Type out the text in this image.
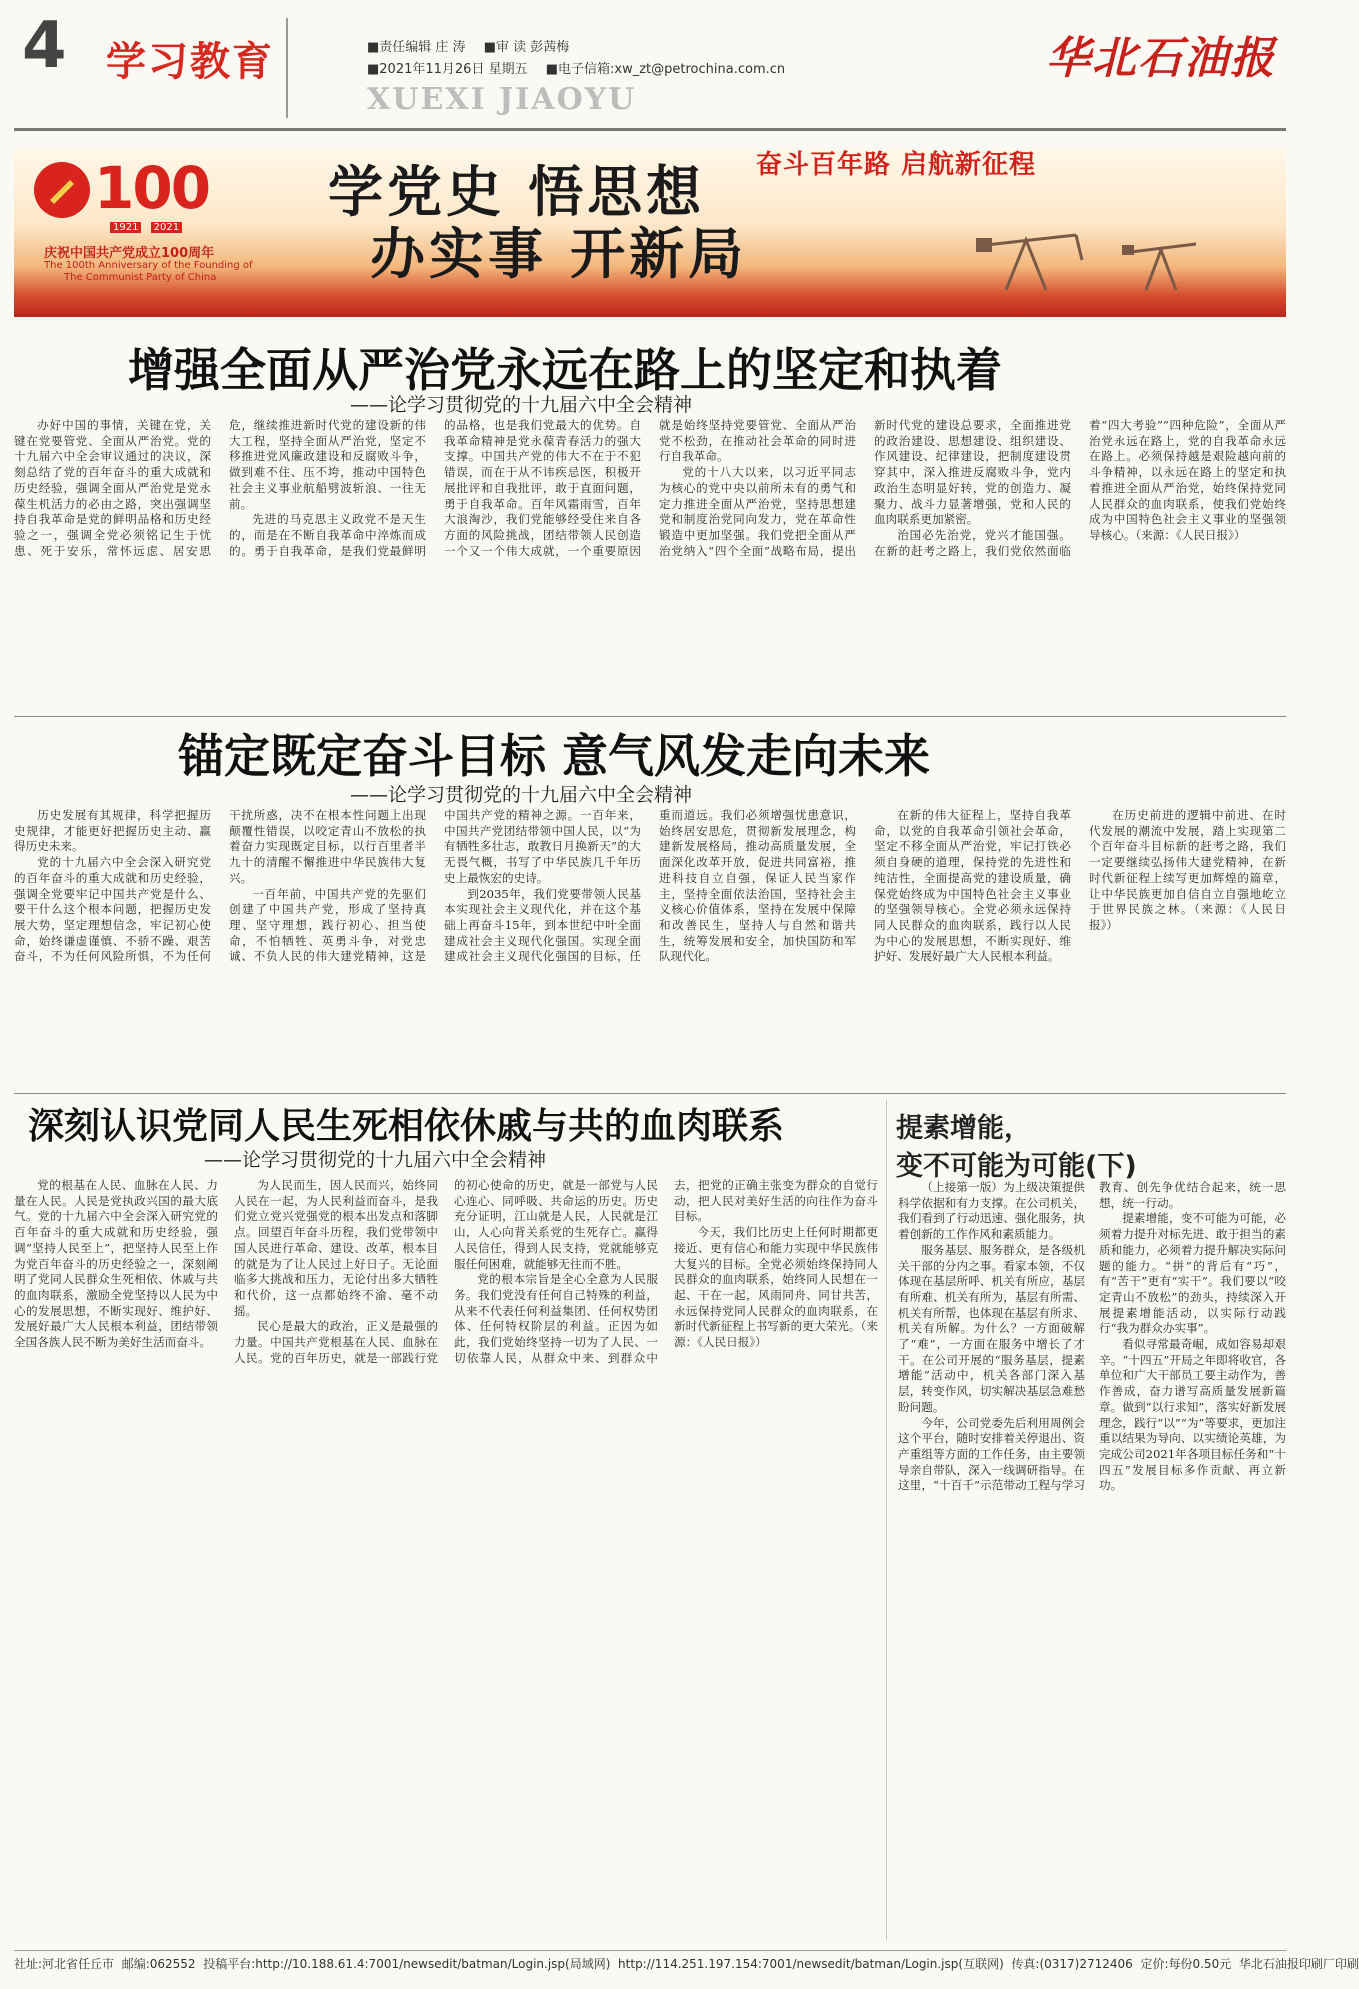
4 学习教育	■责任编辑 庄 涛 ■审 读 彭茜梅
■2021年11月26日 星期五 ■电子信箱:xw_zt@petrochina.com.cn
XUEXI JIAOYU
华北石油报
100
1921 2021
庆祝中国共产党成立100周年
The 100th Anniversary of the Founding of
The Communist Party of China
学党史 悟思想
办实事 开新局
奋斗百年路 启航新征程
增强全面从严治党永远在路上的坚定和执着
——论学习贯彻党的十九届六中全会精神

办好中国的事情，关键在党，关键在党要管党、全面从严治党。党的十九届六中全会审议通过的决议，深刻总结了党的百年奋斗的重大成就和历史经验，强调全面从严治党是党永葆生机活力的必由之路，突出强调坚持自我革命是党的鲜明品格和历史经验之一，强调全党必须铭记生于忧患、死于安乐，常怀远虑、居安思危，继续推进新时代党的建设新的伟大工程，坚持全面从严治党，坚定不移推进党风廉政建设和反腐败斗争，做到难不住、压不垮，推动中国特色社会主义事业航船劈波斩浪、一往无前。

先进的马克思主义政党不是天生的，而是在不断自我革命中淬炼而成的。勇于自我革命，是我们党最鲜明的品格，也是我们党最大的优势。自我革命精神是党永葆青春活力的强大支撑。中国共产党的伟大不在于不犯错误，而在于从不讳疾忌医，积极开展批评和自我批评，敢于直面问题，勇于自我革命。百年风霜雨雪，百年大浪淘沙，我们党能够经受住来自各方面的风险挑战，团结带领人民创造一个又一个伟大成就，一个重要原因就是始终坚持党要管党、全面从严治党不松劲，在推动社会革命的同时进行自我革命。

党的十八大以来，以习近平同志为核心的党中央以前所未有的勇气和定力推进全面从严治党，坚持思想建党和制度治党同向发力，党在革命性锻造中更加坚强。我们党把全面从严治党纳入“四个全面”战略布局，提出新时代党的建设总要求，全面推进党的政治建设、思想建设、组织建设、作风建设、纪律建设，把制度建设贯穿其中，深入推进反腐败斗争，党内政治生态明显好转，党的创造力、凝聚力、战斗力显著增强，党和人民的血肉联系更加紧密。

治国必先治党，党兴才能国强。在新的赶考之路上，我们党依然面临着“四大考验”“四种危险”，全面从严治党永远在路上，党的自我革命永远在路上。必须保持越是艰险越向前的斗争精神，以永远在路上的坚定和执着推进全面从严治党，始终保持党同人民群众的血肉联系，使我们党始终成为中国特色社会主义事业的坚强领导核心。（来源：《人民日报》）

锚定既定奋斗目标 意气风发走向未来
——论学习贯彻党的十九届六中全会精神

历史发展有其规律，科学把握历史规律，才能更好把握历史主动、赢得历史未来。

党的十九届六中全会深入研究党的百年奋斗的重大成就和历史经验，强调全党要牢记中国共产党是什么、要干什么这个根本问题，把握历史发展大势，坚定理想信念，牢记初心使命，始终谦虚谨慎、不骄不躁、艰苦奋斗，不为任何风险所惧，不为任何干扰所惑，决不在根本性问题上出现颠覆性错误，以咬定青山不放松的执着奋力实现既定目标，以行百里者半九十的清醒不懈推进中华民族伟大复兴。

一百年前，中国共产党的先驱们创建了中国共产党，形成了坚持真理、坚守理想，践行初心、担当使命，不怕牺牲、英勇斗争，对党忠诚、不负人民的伟大建党精神，这是中国共产党的精神之源。一百年来，中国共产党团结带领中国人民，以“为有牺牲多壮志，敢教日月换新天”的大无畏气概，书写了中华民族几千年历史上最恢宏的史诗。

到2035年，我们党要带领人民基本实现社会主义现代化，并在这个基础上再奋斗15年，到本世纪中叶全面建成社会主义现代化强国。实现全面建成社会主义现代化强国的目标，任重而道远。我们必须增强忧患意识，始终居安思危，贯彻新发展理念，构建新发展格局，推动高质量发展，全面深化改革开放，促进共同富裕，推进科技自立自强，保证人民当家作主，坚持全面依法治国，坚持社会主义核心价值体系，坚持在发展中保障和改善民生，坚持人与自然和谐共生，统筹发展和安全，加快国防和军队现代化。

在新的伟大征程上，坚持自我革命，以党的自我革命引领社会革命，坚定不移全面从严治党，牢记打铁必须自身硬的道理，保持党的先进性和纯洁性，全面提高党的建设质量，确保党始终成为中国特色社会主义事业的坚强领导核心。全党必须永远保持同人民群众的血肉联系，践行以人民为中心的发展思想，不断实现好、维护好、发展好最广大人民根本利益。

在历史前进的逻辑中前进、在时代发展的潮流中发展，踏上实现第二个百年奋斗目标新的赶考之路，我们一定要继续弘扬伟大建党精神，在新时代新征程上续写更加辉煌的篇章，让中华民族更加自信自立自强地屹立于世界民族之林。（来源：《人民日报》）

深刻认识党同人民生死相依休戚与共的血肉联系
——论学习贯彻党的十九届六中全会精神

党的根基在人民、血脉在人民、力量在人民。人民是党执政兴国的最大底气。党的十九届六中全会深入研究党的百年奋斗的重大成就和历史经验，强调“坚持人民至上”，把坚持人民至上作为党百年奋斗的历史经验之一，深刻阐明了党同人民群众生死相依、休戚与共的血肉联系，激励全党坚持以人民为中心的发展思想，不断实现好、维护好、发展好最广大人民根本利益，团结带领全国各族人民不断为美好生活而奋斗。

为人民而生，因人民而兴，始终同人民在一起，为人民利益而奋斗，是我们党立党兴党强党的根本出发点和落脚点。回望百年奋斗历程，我们党带领中国人民进行革命、建设、改革，根本目的就是为了让人民过上好日子。无论面临多大挑战和压力，无论付出多大牺牲和代价，这一点都始终不渝、毫不动摇。

民心是最大的政治，正义是最强的力量。中国共产党根基在人民、血脉在人民。党的百年历史，就是一部践行党的初心使命的历史，就是一部党与人民心连心、同呼吸、共命运的历史。历史充分证明，江山就是人民，人民就是江山，人心向背关系党的生死存亡。赢得人民信任，得到人民支持，党就能够克服任何困难，就能够无往而不胜。

党的根本宗旨是全心全意为人民服务。我们党没有任何自己特殊的利益，从来不代表任何利益集团、任何权势团体、任何特权阶层的利益。正因为如此，我们党始终坚持一切为了人民、一切依靠人民，从群众中来、到群众中去，把党的正确主张变为群众的自觉行动，把人民对美好生活的向往作为奋斗目标。

今天，我们比历史上任何时期都更接近、更有信心和能力实现中华民族伟大复兴的目标。全党必须始终保持同人民群众的血肉联系，始终同人民想在一起、干在一起，风雨同舟、同甘共苦，永远保持党同人民群众的血肉联系，在新时代新征程上书写新的更大荣光。（来源：《人民日报》）

提素增能，
变不可能为可能(下)

（上接第一版）为上级决策提供科学依据和有力支撑。在公司机关，我们看到了行动迅速、强化服务，执着创新的工作作风和素质能力。

服务基层、服务群众，是各级机关干部的分内之事。看家本领，不仅体现在基层所呼、机关有所应，基层有所难、机关有所为，基层有所需、机关有所帮，也体现在基层有所求、机关有所解。为什么？一方面破解了“难”，一方面在服务中增长了才干。在公司开展的“服务基层，提素增能”活动中，机关各部门深入基层，转变作风，切实解决基层急难愁盼问题。

今年，公司党委先后利用周例会这个平台，随时安排着关停退出、资产重组等方面的工作任务，由主要领导亲自带队，深入一线调研指导。在这里，“十百千”示范带动工程与学习教育、创先争优结合起来，统一思想，统一行动。

提素增能，变不可能为可能，必须着力提升对标先进、敢于担当的素质和能力，必须着力提升解决实际问题的能力。“拼”的背后有“巧”，有“苦干”更有“实干”。我们要以“咬定青山不放松”的劲头，持续深入开展提素增能活动，以实际行动践行“我为群众办实事”。

看似寻常最奇崛，成如容易却艰辛。“十四五”开局之年即将收官，各单位和广大干部员工要主动作为，善作善成，奋力谱写高质量发展新篇章。做到“以行求知”，落实好新发展理念，践行“以”“为”等要求，更加注重以结果为导向、以实绩论英雄，为完成公司2021年各项目标任务和“十四五”发展目标多作贡献、再立新功。

社址:河北省任丘市 邮编:062552 投稿平台:http://10.188.61.4:7001/newsedit/batman/Login.jsp(局域网) http://114.251.197.154:7001/newsedit/batman/Login.jsp(互联网) 传真:(0317)2712406 定价:每份0.50元 华北石油报印刷厂印刷
